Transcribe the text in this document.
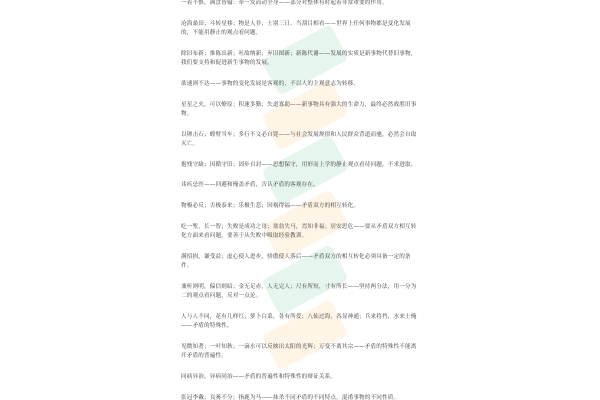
一着不慎，满盘皆输：牵一发而动全身——部分对整体有时起着非常重要的作用。

沧海桑田；斗转星移；物是人非；士别三日，当刮目相看——世界上任何事物都是变化发展的，不能用静止的观点看问题。

除旧布新；推陈出新；吐故纳新；弃旧图新；新陈代谢——发展的实质是新事物代替旧事物，我们要支持和促进新生事物的发展。

欲速则不达——事物的变化发展是客观的，不以人的主观意志为转移。

星星之火，可以燎原；积速多勤；失道寡助——新事物具有强大的生命力，最终必然战胜旧事物。

以卵击石；螳臂当车；多行不义必自毙——与社会发展规律和人民群众背道而驰，必然会自取灭亡。

抱残守缺；因循守旧；固步自封——思想保守，用形而上学的静止观点看待问题，不求进取。

讳疾忌医——回避和掩盖矛盾，否认矛盾的客观存在。

物极必反；否极泰来；乐极生悲；因祸得福——矛盾双方的相互转化。

吃一堑，长一智；失败是成功之母；塞翁失马，焉知非福；居安思危——要从矛盾双方相互转化方面来看问题，要善于从失败中吸取经验教训。

满招损，谦受益；虚心使人进步，骄傲使人落后——矛盾双方的相互转化必须具备一定的条件。

兼听则明，偏信则暗；金无足赤，人无完人；尺有所短，寸有所长——坚持两分法，用一分为二的观点看问题，反对一点论。

人与人不同，花有几样红；萝卜白菜，各有所爱；八仙过海，各显神通；兵来将挡，水来土掩——矛盾的特殊性。

见微知著；一叶知秋；一滴水可以反映出太阳的光辉；万变不离其宗——矛盾的特殊性不能离开矛盾的普遍性。

同病异治，异病同治——矛盾的普遍性和特殊性的辩证关系。

张冠李戴；良莠不分；指鹿为马——抹杀不同矛盾的不同特点，混淆事物的不同性质。
